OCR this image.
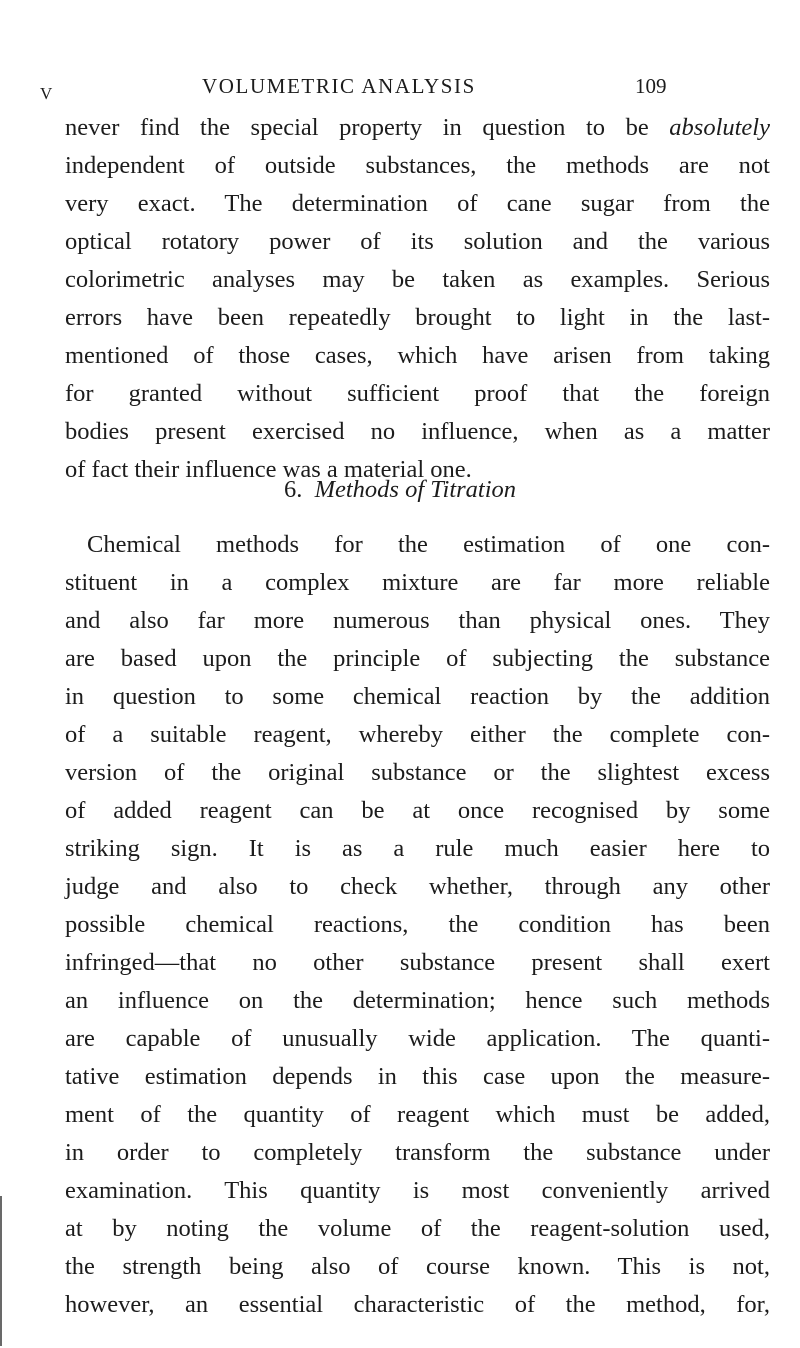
V	VOLUMETRIC ANALYSIS	109
never find the special property in question to be absolutely
independent of outside substances, the methods are not
very exact. The determination of cane sugar from the
optical rotatory power of its solution and the various
colorimetric analyses may be taken as examples. Serious
errors have been repeatedly brought to light in the last-
mentioned of those cases, which have arisen from taking
for granted without sufficient proof that the foreign
bodies present exercised no influence, when as a matter
of fact their influence was a material one.
6. Methods of Titration
Chemical methods for the estimation of one con-
stituent in a complex mixture are far more reliable
and also far more numerous than physical ones. They
are based upon the principle of subjecting the substance
in question to some chemical reaction by the addition
of a suitable reagent, whereby either the complete con-
version of the original substance or the slightest excess
of added reagent can be at once recognised by some
striking sign. It is as a rule much easier here to
judge and also to check whether, through any other
possible chemical reactions, the condition has been
infringed—that no other substance present shall exert
an influence on the determination; hence such methods
are capable of unusually wide application. The quanti-
tative estimation depends in this case upon the measure-
ment of the quantity of reagent which must be added,
in order to completely transform the substance under
examination. This quantity is most conveniently arrived
at by noting the volume of the reagent-solution used,
the strength being also of course known. This is not,
however, an essential characteristic of the method, for,
